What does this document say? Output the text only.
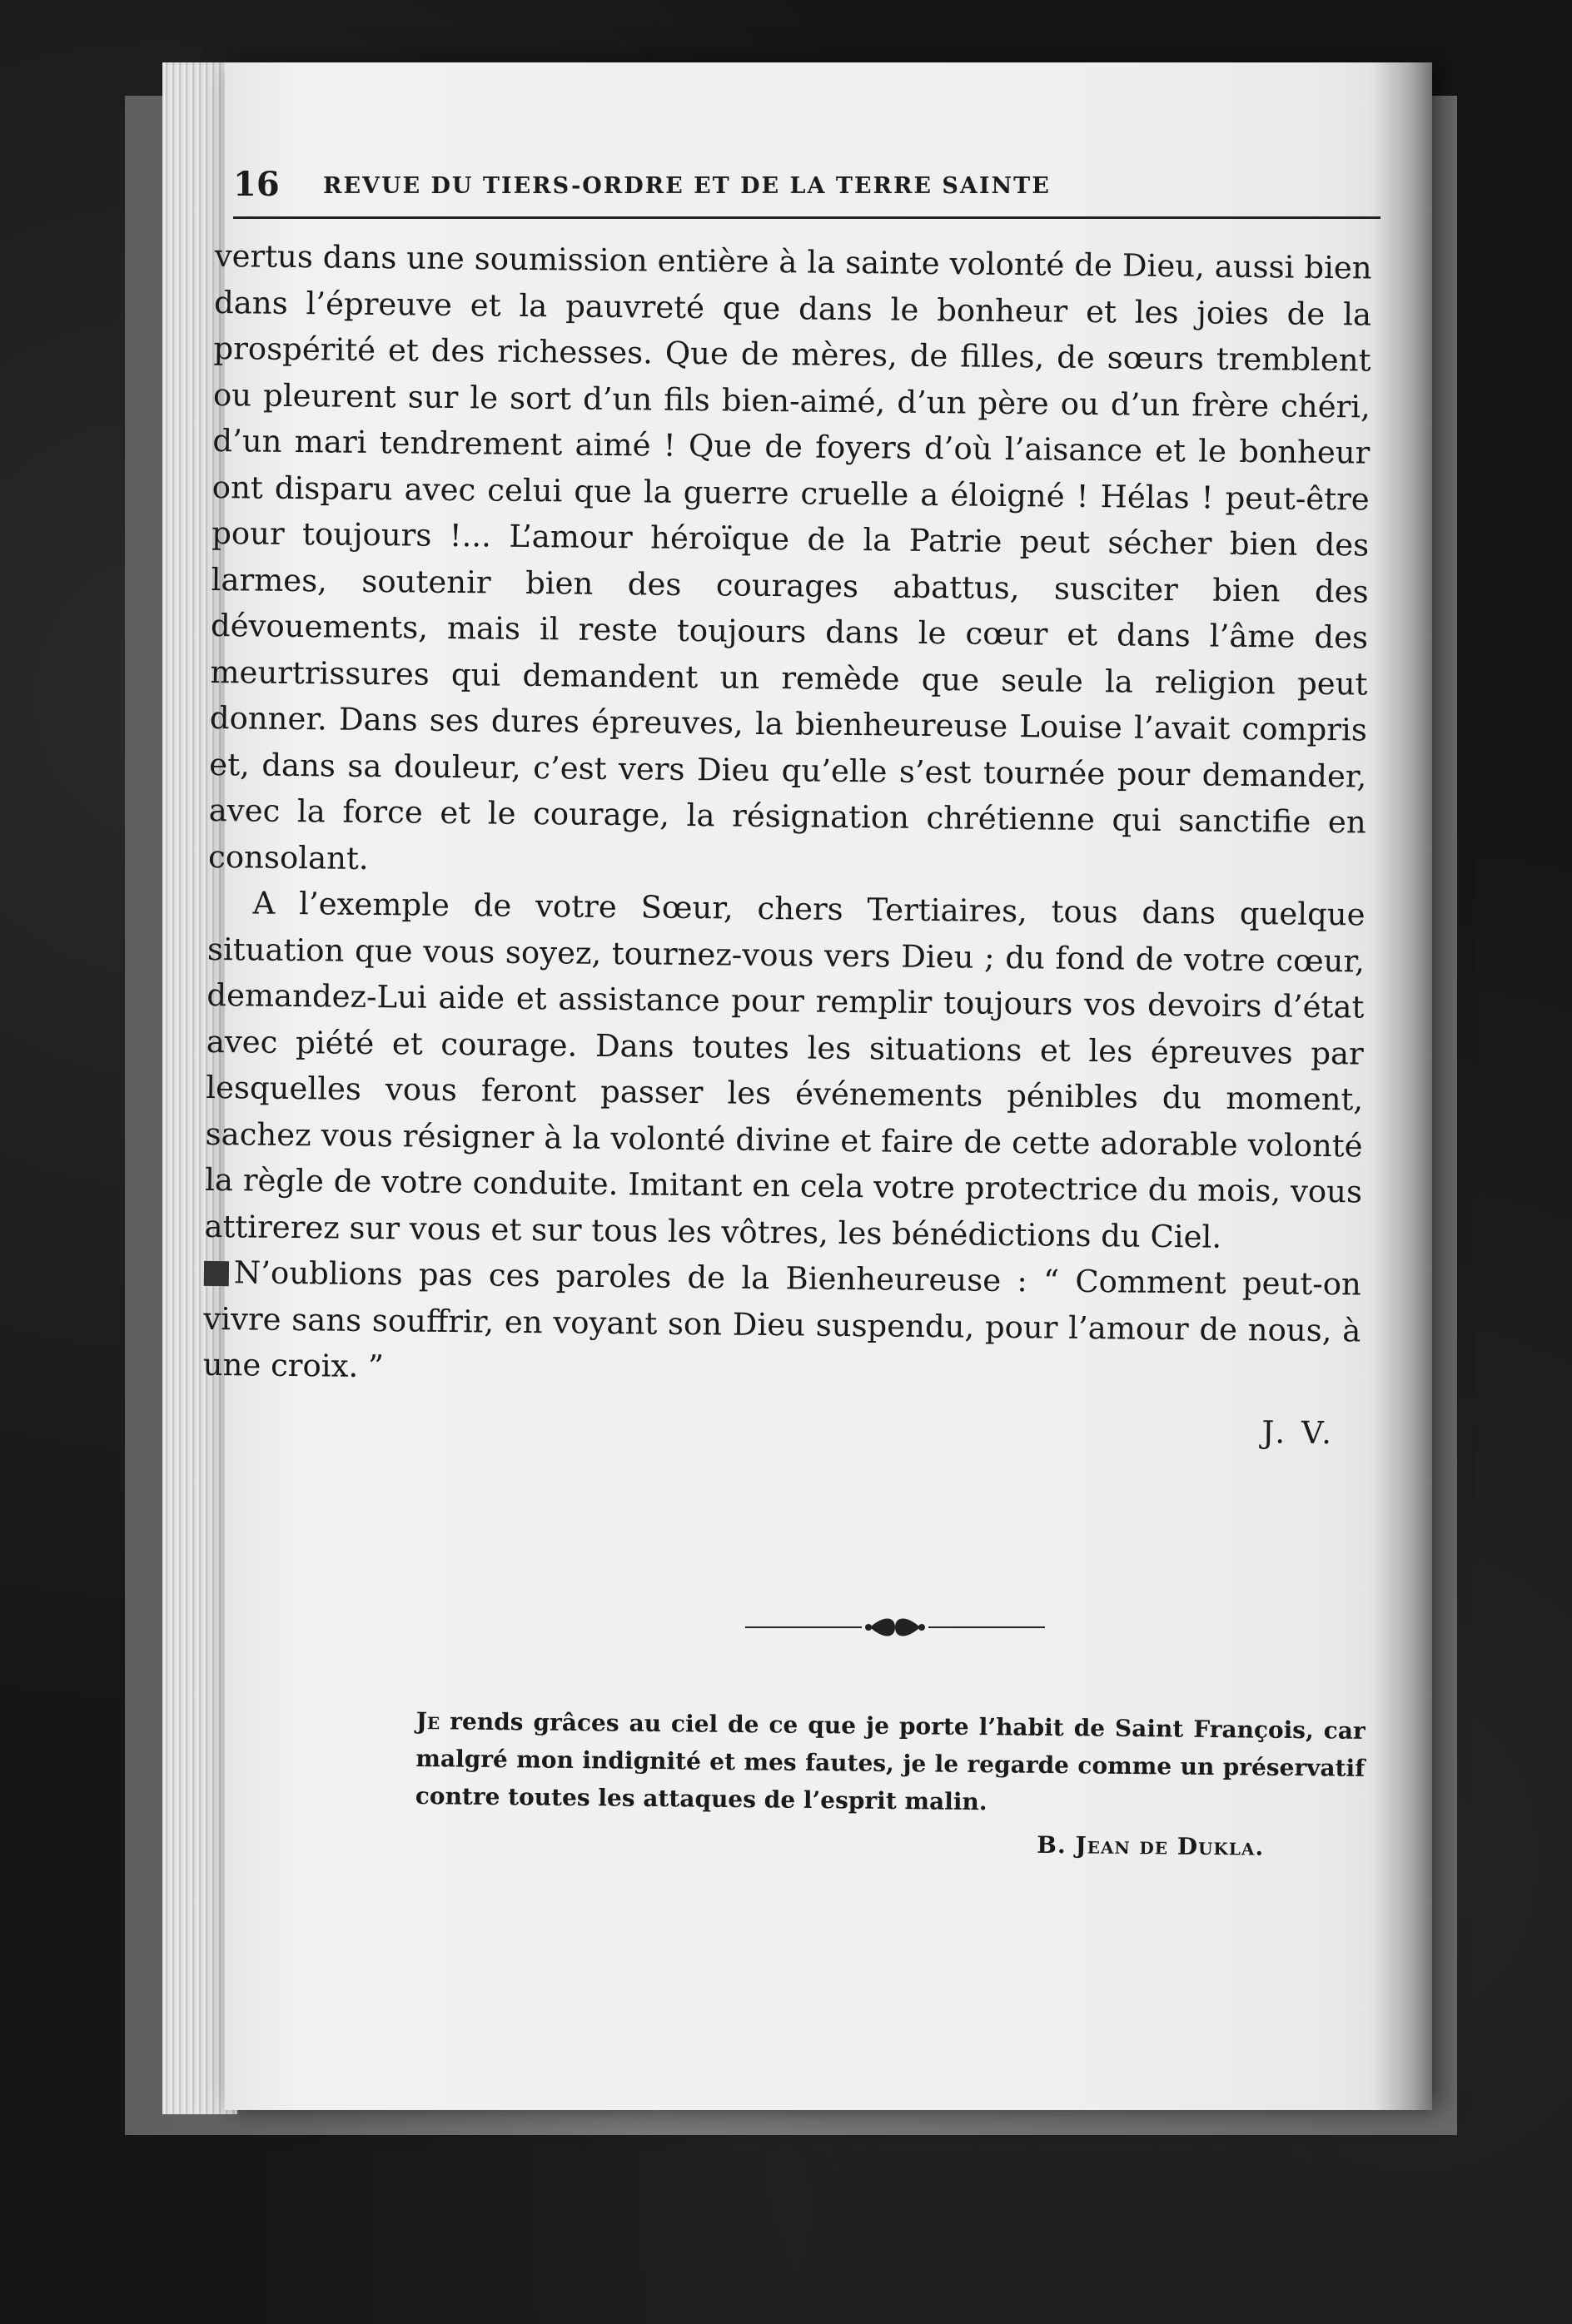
16 REVUE DU TIERS-ORDRE ET DE LA TERRE SAINTE

vertus dans une soumission entière à la sainte volonté de Dieu, aussi bien dans l’épreuve et la pauvreté que dans le bonheur et les joies de la prospérité et des richesses. Que de mères, de filles, de sœurs tremblent ou pleurent sur le sort d’un fils bien-aimé, d’un père ou d’un frère chéri, d’un mari tendrement aimé ! Que de foyers d’où l’aisance et le bonheur ont disparu avec celui que la guerre cruelle a éloigné ! Hélas ! peut-être pour toujours !... L’amour héroïque de la Patrie peut sécher bien des larmes, soutenir bien des courages abattus, susciter bien des dévouements, mais il reste toujours dans le cœur et dans l’âme des meurtrissures qui demandent un remède que seule la religion peut donner. Dans ses dures épreuves, la bienheureuse Louise l’avait compris et, dans sa douleur, c’est vers Dieu qu’elle s’est tournée pour demander, avec la force et le courage, la résignation chrétienne qui sanctifie en consolant.

A l’exemple de votre Sœur, chers Tertiaires, tous dans quelque situation que vous soyez, tournez-vous vers Dieu ; du fond de votre cœur, demandez-Lui aide et assistance pour remplir toujours vos devoirs d’état avec piété et courage. Dans toutes les situations et les épreuves par lesquelles vous feront passer les événements pénibles du moment, sachez vous résigner à la volonté divine et faire de cette adorable volonté la règle de votre conduite. Imitant en cela votre protectrice du mois, vous attirerez sur vous et sur tous les vôtres, les bénédictions du Ciel.

N’oublions pas ces paroles de la Bienheureuse : “ Comment peut-on vivre sans souffrir, en voyant son Dieu suspendu, pour l’amour de nous, à une croix. ”

J. V.

Je rends grâces au ciel de ce que je porte l’habit de Saint François, car malgré mon indignité et mes fautes, je le regarde comme un préservatif contre toutes les attaques de l’esprit malin.

B. Jean de Dukla.
